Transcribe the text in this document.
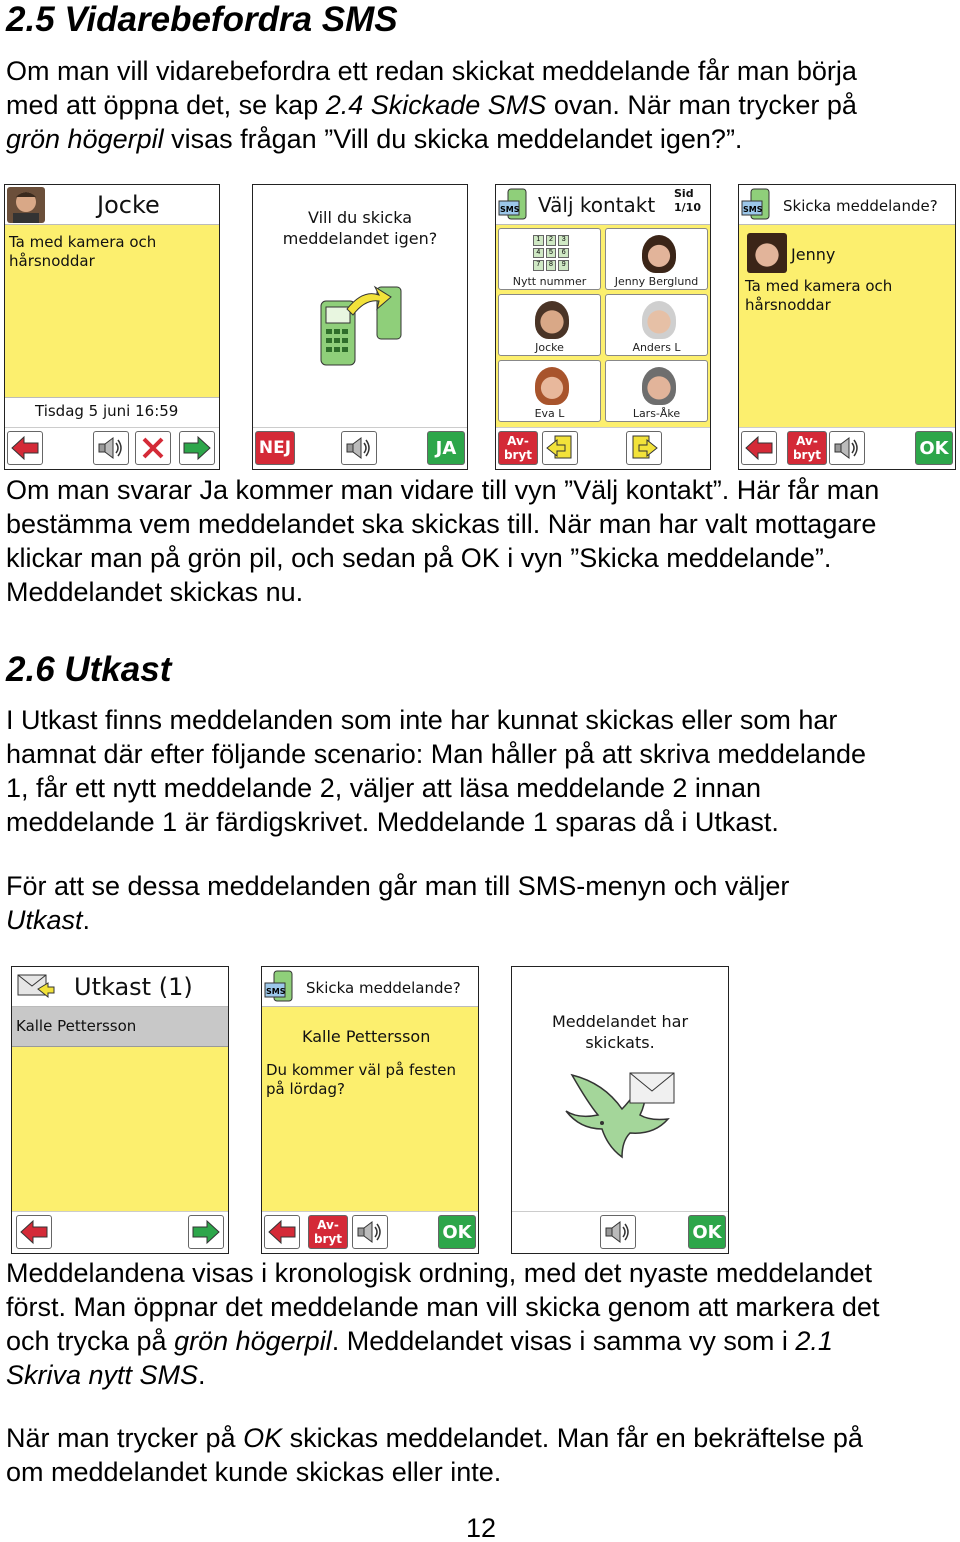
2.5 Vidarebefordra SMS
Om man vill vidarebefordra ett redan skickat meddelande får man börja
med att öppna det, se kap 2.4 Skickade SMS ovan. När man trycker på
grön högerpil visas frågan ”Vill du skicka meddelandet igen?”.
Jocke
Ta med kamera och
hårsnoddar
Tisdag 5 juni 16:59
Vill du skicka
meddelandet igen?
NEJ	JA
SMS Välj kontakt Sid
1/10
1	2	3
4	5	6
7	8	9
Nytt nummer	Jenny Berglund
Jocke	Anders L
Eva L	Lars-Åke
Av-
bryt
SMS Skicka meddelande?
Jenny
Ta med kamera och
hårsnoddar
Av-
bryt	OK
Om man svarar Ja kommer man vidare till vyn ”Välj kontakt”. Här får man
bestämma vem meddelandet ska skickas till. När man har valt mottagare
klickar man på grön pil, och sedan på OK i vyn ”Skicka meddelande”.
Meddelandet skickas nu.
2.6 Utkast
I Utkast finns meddelanden som inte har kunnat skickas eller som har
hamnat där efter följande scenario: Man håller på att skriva meddelande
1, får ett nytt meddelande 2, väljer att läsa meddelande 2 innan
meddelande 1 är färdigskrivet. Meddelande 1 sparas då i Utkast.
För att se dessa meddelanden går man till SMS-menyn och väljer
Utkast.
Utkast (1)
Kalle Pettersson
SMS Skicka meddelande?
Kalle Pettersson
Du kommer väl på festen
på lördag?
Av-
bryt	OK
Meddelandet har
skickats.
OK
Meddelandena visas i kronologisk ordning, med det nyaste meddelandet
först. Man öppnar det meddelande man vill skicka genom att markera det
och trycka på grön högerpil. Meddelandet visas i samma vy som i 2.1
Skriva nytt SMS.
När man trycker på OK skickas meddelandet. Man får en bekräftelse på
om meddelandet kunde skickas eller inte.
12
